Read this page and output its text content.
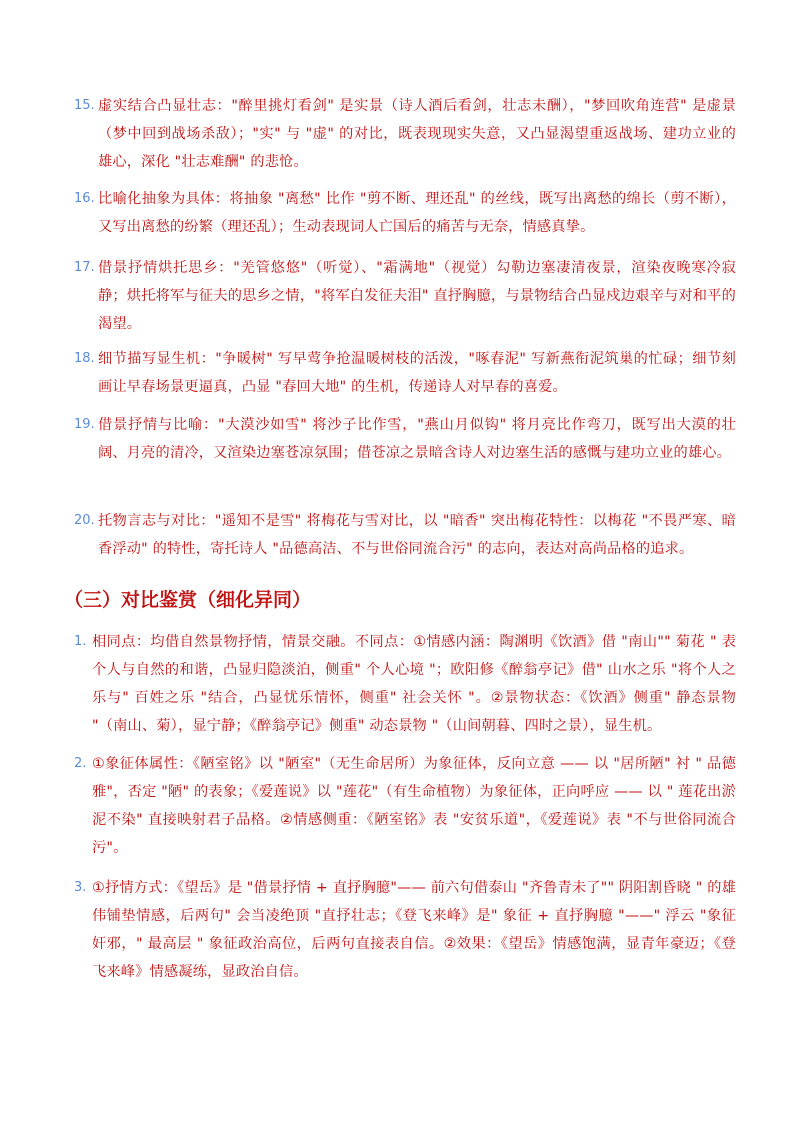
15. 虚实结合凸显壮志："醉里挑灯看剑" 是实景（诗人酒后看剑，壮志未酬），"梦回吹角连营" 是虚景（梦中回到战场杀敌）；"实" 与 "虚" 的对比，既表现现实失意，又凸显渴望重返战场、建功立业的雄心，深化 "壮志难酬" 的悲怆。
16. 比喻化抽象为具体：将抽象 "离愁" 比作 "剪不断、理还乱" 的丝线，既写出离愁的绵长（剪不断），又写出离愁的纷繁（理还乱）；生动表现词人亡国后的痛苦与无奈，情感真挚。
17. 借景抒情烘托思乡："羌管悠悠"（听觉）、"霜满地"（视觉）勾勒边塞凄清夜景，渲染夜晚寒冷寂静；烘托将军与征夫的思乡之情，"将军白发征夫泪" 直抒胸臆，与景物结合凸显戍边艰辛与对和平的渴望。
18. 细节描写显生机："争暖树" 写早莺争抢温暖树枝的活泼，"啄春泥" 写新燕衔泥筑巢的忙碌；细节刻画让早春场景更逼真，凸显 "春回大地" 的生机，传递诗人对早春的喜爱。
19. 借景抒情与比喻："大漠沙如雪" 将沙子比作雪，"燕山月似钩" 将月亮比作弯刀，既写出大漠的壮阔、月亮的清冷，又渲染边塞苍凉氛围；借苍凉之景暗含诗人对边塞生活的感慨与建功立业的雄心。
20. 托物言志与对比："遥知不是雪" 将梅花与雪对比，以 "暗香" 突出梅花特性：以梅花 "不畏严寒、暗香浮动" 的特性，寄托诗人 "品德高洁、不与世俗同流合污" 的志向，表达对高尚品格的追求。
（三）对比鉴赏（细化异同）
1. 相同点：均借自然景物抒情，情景交融。不同点：①情感内涵：陶渊明《饮酒》借 "南山"" 菊花 " 表个人与自然的和谐，凸显归隐淡泊，侧重" 个人心境 "；欧阳修《醉翁亭记》借" 山水之乐 "将个人之乐与" 百姓之乐 "结合，凸显忧乐情怀，侧重" 社会关怀 "。②景物状态：《饮酒》侧重" 静态景物 "（南山、菊），显宁静；《醉翁亭记》侧重" 动态景物 "（山间朝暮、四时之景），显生机。
2. ①象征体属性：《陋室铭》以 "陋室"（无生命居所）为象征体，反向立意 —— 以 "居所陋" 衬 " 品德雅"，否定 "陋" 的表象；《爱莲说》以 "莲花"（有生命植物）为象征体，正向呼应 —— 以 " 莲花出淤泥不染" 直接映射君子品格。②情感侧重：《陋室铭》表 "安贫乐道"，《爱莲说》表 "不与世俗同流合污"。
3. ①抒情方式：《望岳》是 "借景抒情 + 直抒胸臆"—— 前六句借泰山 "齐鲁青未了"" 阴阳割昏晓 " 的雄伟铺垫情感，后两句" 会当凌绝顶 "直抒壮志；《登飞来峰》是" 象征 + 直抒胸臆 "——" 浮云 "象征奸邪，" 最高层 " 象征政治高位，后两句直接表自信。②效果：《望岳》情感饱满，显青年豪迈；《登飞来峰》情感凝练，显政治自信。
